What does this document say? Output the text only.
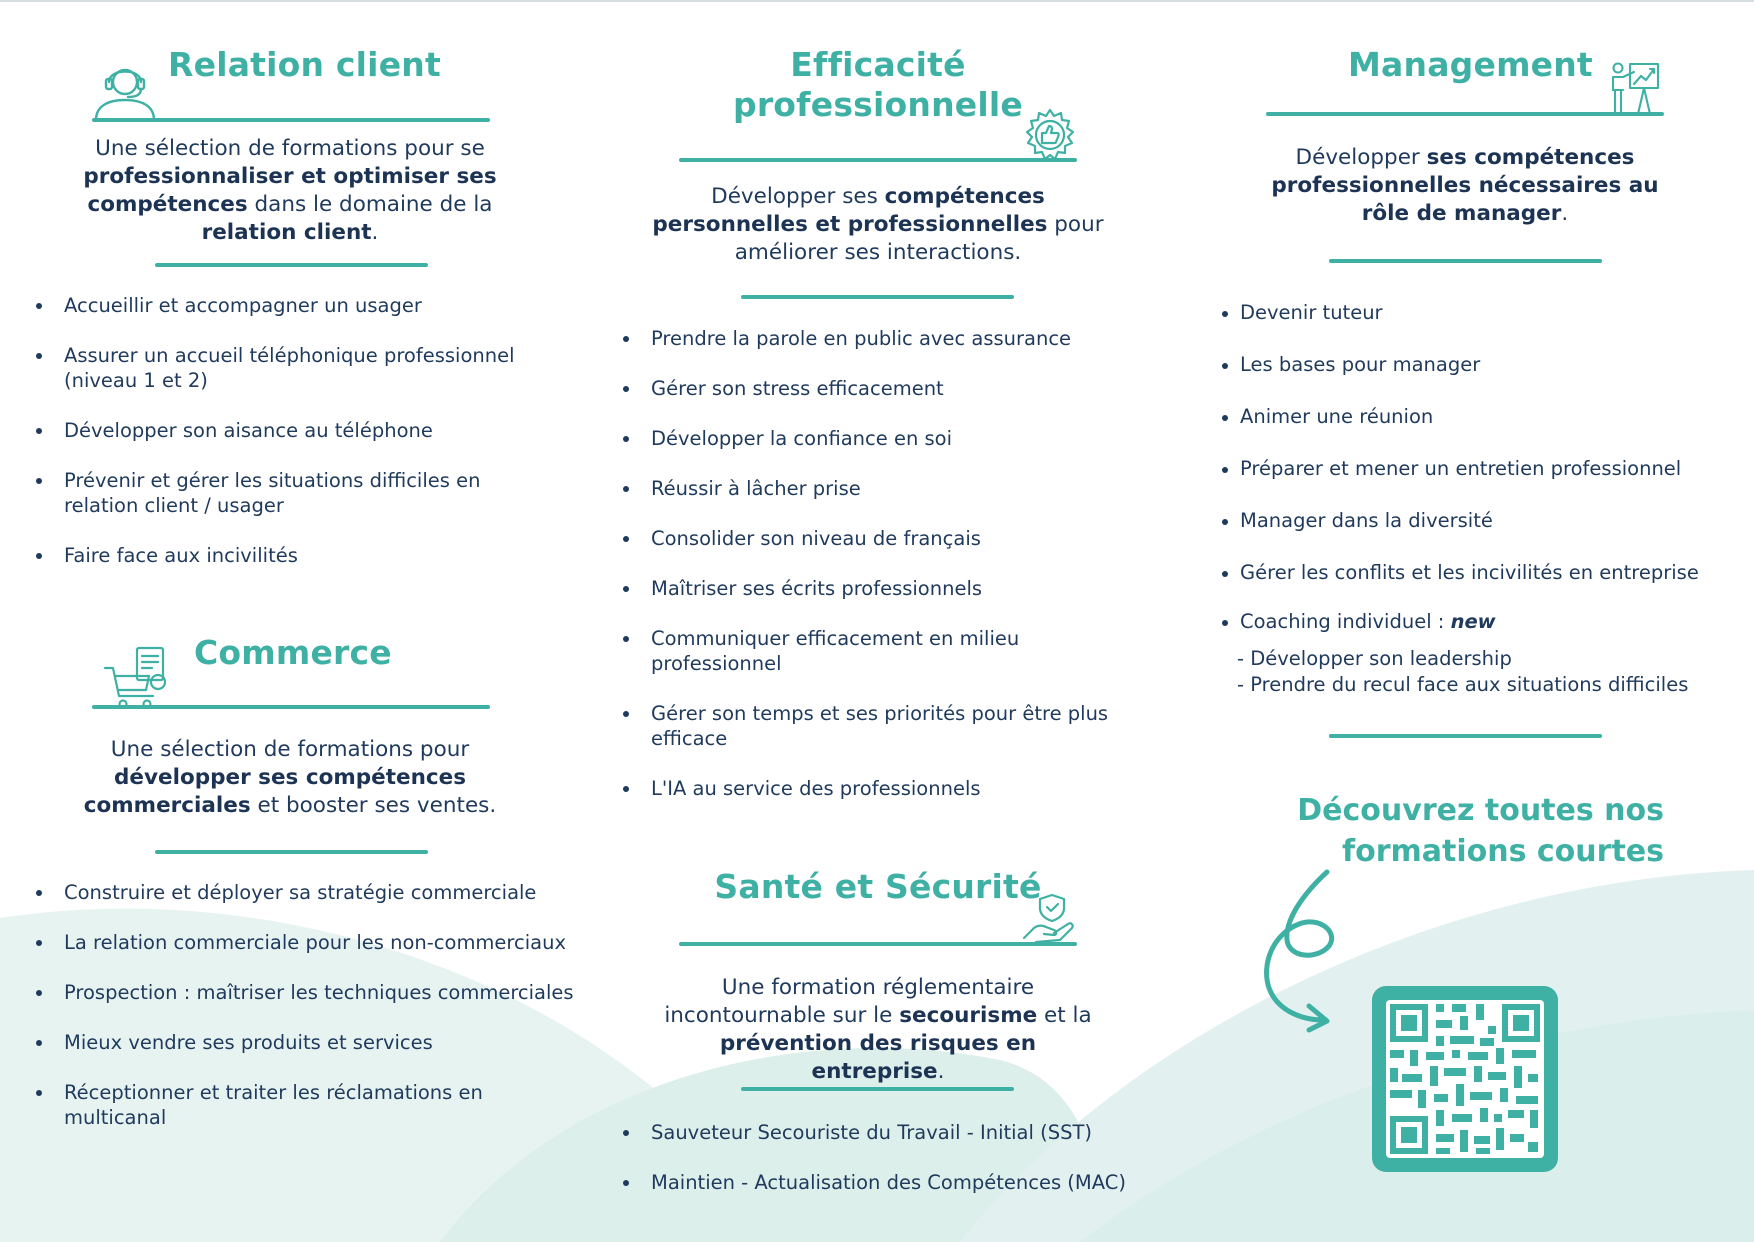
Relation client

Une sélection de formations pour se professionnaliser et optimiser ses compétences dans le domaine de la relation client.

Accueillir et accompagner un usager
Assurer un accueil téléphonique professionnel (niveau 1 et 2)
Développer son aisance au téléphone
Prévenir et gérer les situations difficiles en relation client / usager
Faire face aux incivilités
Commerce

Une sélection de formations pour développer ses compétences commerciales et booster ses ventes.

Construire et déployer sa stratégie commerciale
La relation commerciale pour les non-commerciaux
Prospection : maîtriser les techniques commerciales
Mieux vendre ses produits et services
Réceptionner et traiter les réclamations en multicanal
Efficacité
professionnelle

Développer ses compétences personnelles et professionnelles pour améliorer ses interactions.

Prendre la parole en public avec assurance
Gérer son stress efficacement
Développer la confiance en soi
Réussir à lâcher prise
Consolider son niveau de français
Maîtriser ses écrits professionnels
Communiquer efficacement en milieu professionnel
Gérer son temps et ses priorités pour être plus efficace
L'IA au service des professionnels
Santé et Sécurité

Une formation réglementaire incontournable sur le secourisme et la prévention des risques en entreprise.

Sauveteur Secouriste du Travail - Initial (SST)
Maintien - Actualisation des Compétences (MAC)
Management

Développer ses compétences professionnelles nécessaires au rôle de manager.

Devenir tuteur
Les bases pour manager
Animer une réunion
Préparer et mener un entretien professionnel
Manager dans la diversité
Gérer les conflits et les incivilités en entreprise
Coaching individuel : new
- Développer son leadership
- Prendre du recul face aux situations difficiles

Découvrez toutes nos
formations courtes
